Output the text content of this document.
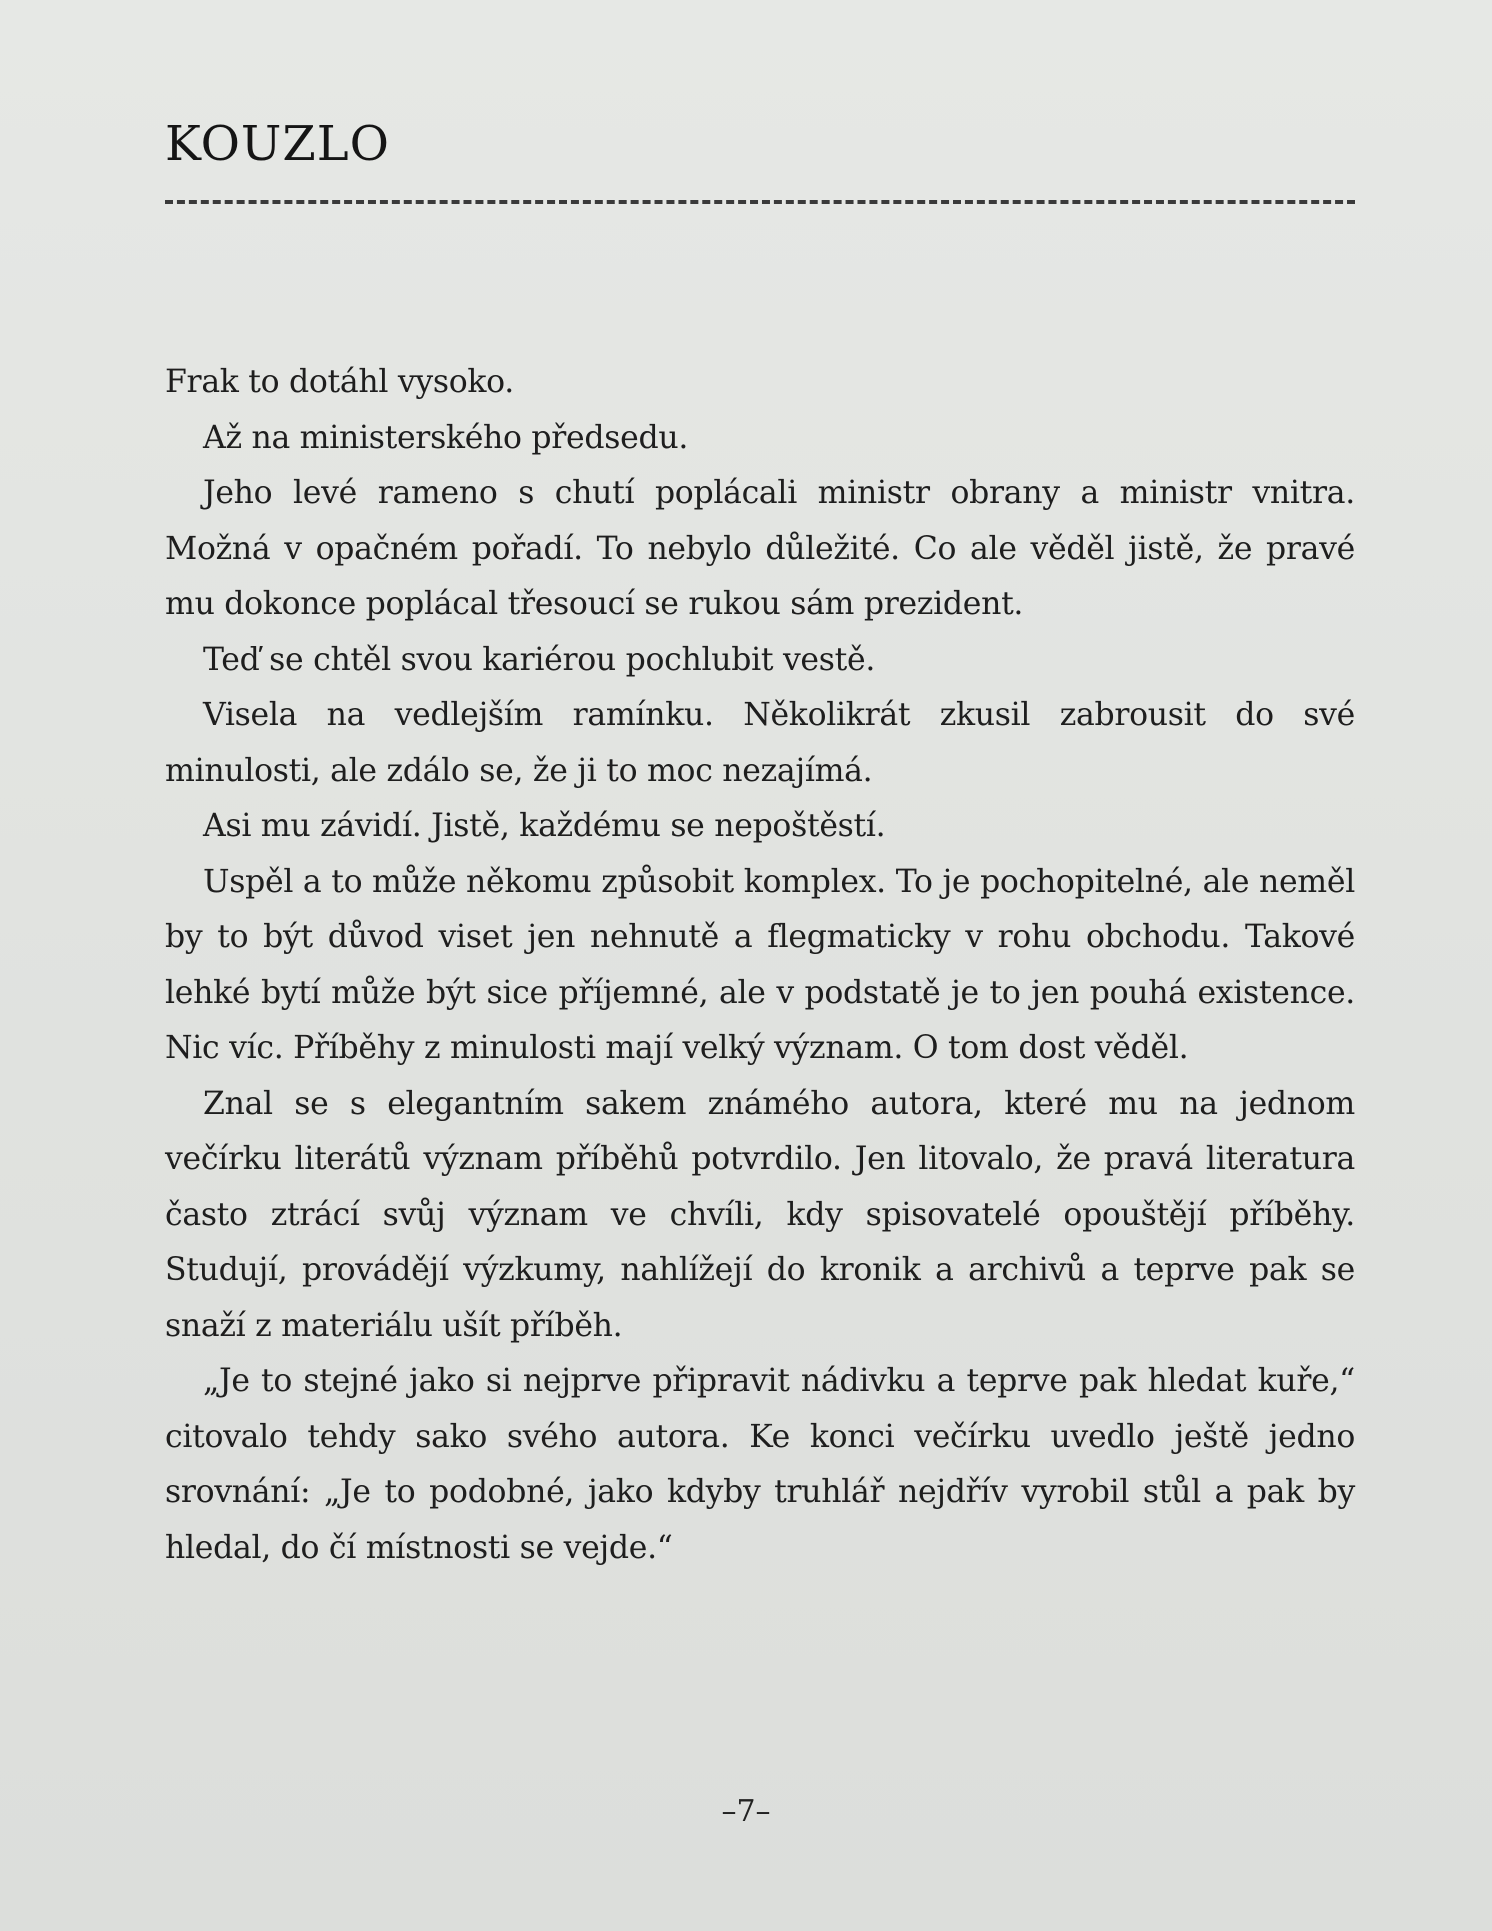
KOUZLO

Frak to dotáhl vysoko.

Až na ministerského předsedu.

Jeho levé rameno s chutí poplácali ministr obrany a ministr vnitra. Možná v opačném pořadí. To nebylo důležité. Co ale věděl jistě, že pravé mu dokonce poplácal třesoucí se rukou sám prezident.

Teď se chtěl svou kariérou pochlubit vestě.

Visela na vedlejším ramínku. Několikrát zkusil zabrousit do své minulosti, ale zdálo se, že ji to moc nezajímá.

Asi mu závidí. Jistě, každému se nepoštěstí.

Uspěl a to může někomu způsobit komplex. To je pochopitelné, ale neměl by to být důvod viset jen nehnutě a flegmaticky v rohu obchodu. Takové lehké bytí může být sice příjemné, ale v podstatě je to jen pouhá existence. Nic víc. Příběhy z minulosti mají velký význam. O tom dost věděl.

Znal se s elegantním sakem známého autora, které mu na jednom večírku literátů význam příběhů potvrdilo. Jen litovalo, že pravá literatura často ztrácí svůj význam ve chvíli, kdy spisovatelé opouštějí příběhy. Studují, provádějí výzkumy, nahlížejí do kronik a archivů a teprve pak se snaží z materiálu ušít příběh.

„Je to stejné jako si nejprve připravit nádivku a teprve pak hledat kuře,“ citovalo tehdy sako svého autora. Ke konci večírku uvedlo ještě jedno srovnání: „Je to podobné, jako kdyby truhlář nejdřív vyrobil stůl a pak by hledal, do čí místnosti se vejde.“

–7–
